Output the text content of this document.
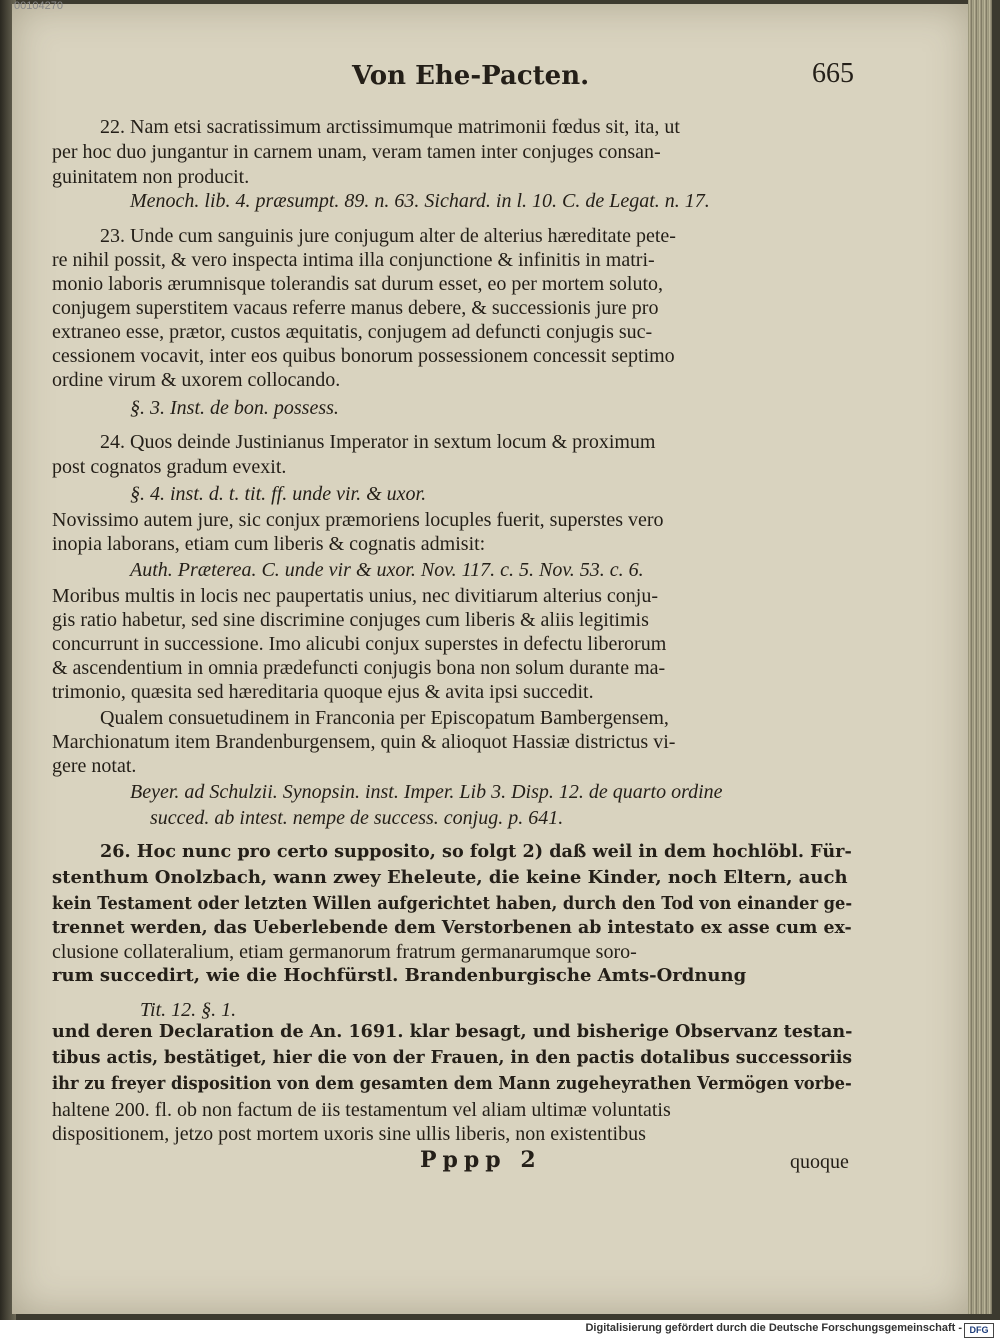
00104270
Von Ehe-Pacten.	665
22. Nam etsi sacratissimum arctissimumque matrimonii fœdus sit, ita, ut
per hoc duo jungantur in carnem unam, veram tamen inter conjuges consan-
guinitatem non producit.
Menoch. lib. 4. præsumpt. 89. n. 63. Sichard. in l. 10. C. de Legat. n. 17.
23. Unde cum sanguinis jure conjugum alter de alterius hæreditate pete-
re nihil possit, & vero inspecta intima illa conjunctione & infinitis in matri-
monio laboris ærumnisque tolerandis sat durum esset, eo per mortem soluto,
conjugem superstitem vacaus referre manus debere, & successionis jure pro
extraneo esse, prætor, custos æquitatis, conjugem ad defuncti conjugis suc-
cessionem vocavit, inter eos quibus bonorum possessionem concessit septimo
ordine virum & uxorem collocando.
§. 3. Inst. de bon. possess.
24. Quos deinde Justinianus Imperator in sextum locum & proximum
post cognatos gradum evexit.
§. 4. inst. d. t. tit. ff. unde vir. & uxor.
Novissimo autem jure, sic conjux præmoriens locuples fuerit, superstes vero
inopia laborans, etiam cum liberis & cognatis admisit:
Auth. Præterea. C. unde vir & uxor. Nov. 117. c. 5. Nov. 53. c. 6.
Moribus multis in locis nec paupertatis unius, nec divitiarum alterius conju-
gis ratio habetur, sed sine discrimine conjuges cum liberis & aliis legitimis
concurrunt in successione. Imo alicubi conjux superstes in defectu liberorum
& ascendentium in omnia prædefuncti conjugis bona non solum durante ma-
trimonio, quæsita sed hæreditaria quoque ejus & avita ipsi succedit.
Qualem consuetudinem in Franconia per Episcopatum Bambergensem,
Marchionatum item Brandenburgensem, quin & alioquot Hassiæ districtus vi-
gere notat.
Beyer. ad Schulzii. Synopsin. inst. Imper. Lib 3. Disp. 12. de quarto ordine
succed. ab intest. nempe de success. conjug. p. 641.
26. Hoc nunc pro certo supposito, so folgt 2) daß weil in dem hochlöbl. Für-
stenthum Onolzbach, wann zwey Eheleute, die keine Kinder, noch Eltern, auch
kein Testament oder letzten Willen aufgerichtet haben, durch den Tod von einander ge-
trennet werden, das Ueberlebende dem Verstorbenen ab intestato ex asse cum ex-
clusione collateralium, etiam germanorum fratrum germanarumque soro-
rum succedirt, wie die Hochfürstl. Brandenburgische Amts-Ordnung
Tit. 12. §. 1.
und deren Declaration de An. 1691. klar besagt, und bisherige Observanz testan-
tibus actis, bestätiget, hier die von der Frauen, in den pactis dotalibus successoriis
ihr zu freyer disposition von dem gesamten dem Mann zugeheyrathen Vermögen vorbe-
haltene 200. fl. ob non factum de iis testamentum vel aliam ultimæ voluntatis
dispositionem, jetzo post mortem uxoris sine ullis liberis, non existentibus
Pppp 2	quoque
Digitalisierung gefördert durch die Deutsche Forschungsgemeinschaft - DFG
